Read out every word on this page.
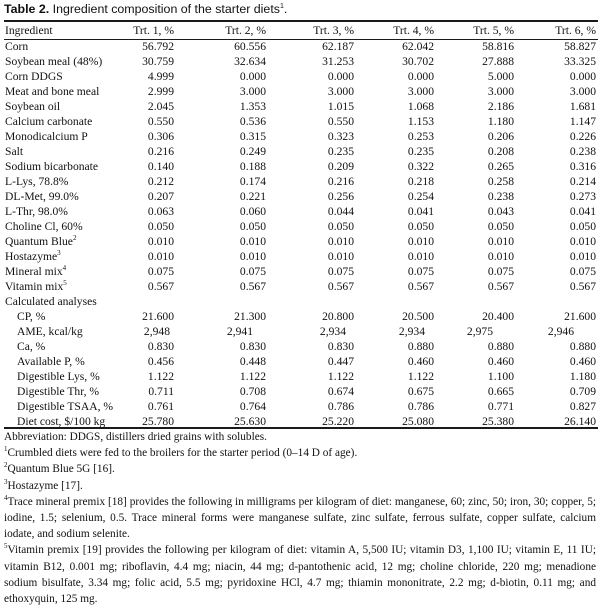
Table 2. Ingredient composition of the starter diets$^1$.
Ingredient	Trt. 1, %	Trt. 2, %	Trt. 3, %	Trt. 4, %	Trt. 5, %	Trt. 6, %
Corn	56.792	60.556	62.187	62.042	58.816	58.827
Soybean meal (48%)	30.759	32.634	31.253	30.702	27.888	33.325
Corn DDGS	4.999	0.000	0.000	0.000	5.000	0.000
Meat and bone meal	2.999	3.000	3.000	3.000	3.000	3.000
Soybean oil	2.045	1.353	1.015	1.068	2.186	1.681
Calcium carbonate	0.550	0.536	0.550	1.153	1.180	1.147
Monodicalcium P	0.306	0.315	0.323	0.253	0.206	0.226
Salt	0.216	0.249	0.235	0.235	0.208	0.238
Sodium bicarbonate	0.140	0.188	0.209	0.322	0.265	0.316
L-Lys, 78.8%	0.212	0.174	0.216	0.218	0.258	0.214
DL-Met, 99.0%	0.207	0.221	0.256	0.254	0.238	0.273
L-Thr, 98.0%	0.063	0.060	0.044	0.041	0.043	0.041
Choline Cl, 60%	0.050	0.050	0.050	0.050	0.050	0.050
Quantum Blue$^2$	0.010	0.010	0.010	0.010	0.010	0.010
Hostazyme$^3$	0.010	0.010	0.010	0.010	0.010	0.010
Mineral mix$^4$	0.075	0.075	0.075	0.075	0.075	0.075
Vitamin mix$^5$	0.567	0.567	0.567	0.567	0.567	0.567
Calculated analyses
CP, %	21.600	21.300	20.800	20.500	20.400	21.600
AME, kcal/kg	2,948	2,941	2,934	2,934	2,975	2,946
Ca, %	0.830	0.830	0.830	0.880	0.880	0.880
Available P, %	0.456	0.448	0.447	0.460	0.460	0.460
Digestible Lys, %	1.122	1.122	1.122	1.122	1.100	1.180
Digestible Thr, %	0.711	0.708	0.674	0.675	0.665	0.709
Digestible TSAA, %	0.761	0.764	0.786	0.786	0.771	0.827
Diet cost, $/100 kg	25.780	25.630	25.220	25.080	25.380	26.140

Abbreviation: DDGS, distillers dried grains with solubles.

$^1$Crumbled diets were fed to the broilers for the starter period (0–14 D of age).

$^2$Quantum Blue 5G [16].

$^3$Hostazyme [17].

$^4$Trace mineral premix [18] provides the following in milligrams per kilogram of diet: manganese, 60; zinc, 50; iron, 30; copper, 5; iodine, 1.5; selenium, 0.5. Trace mineral forms were manganese sulfate, zinc sulfate, ferrous sulfate, copper sulfate, calcium iodate, and sodium selenite.

$^5$Vitamin premix [19] provides the following per kilogram of diet: vitamin A, 5,500 IU; vitamin D3, 1,100 IU; vitamin E, 11 IU; vitamin B12, 0.001 mg; riboflavin, 4.4 mg; niacin, 44 mg; d-pantothenic acid, 12 mg; choline chloride, 220 mg; menadione sodium bisulfate, 3.34 mg; folic acid, 5.5 mg; pyridoxine HCl, 4.7 mg; thiamin mononitrate, 2.2 mg; d-biotin, 0.11 mg; and ethoxyquin, 125 mg.
